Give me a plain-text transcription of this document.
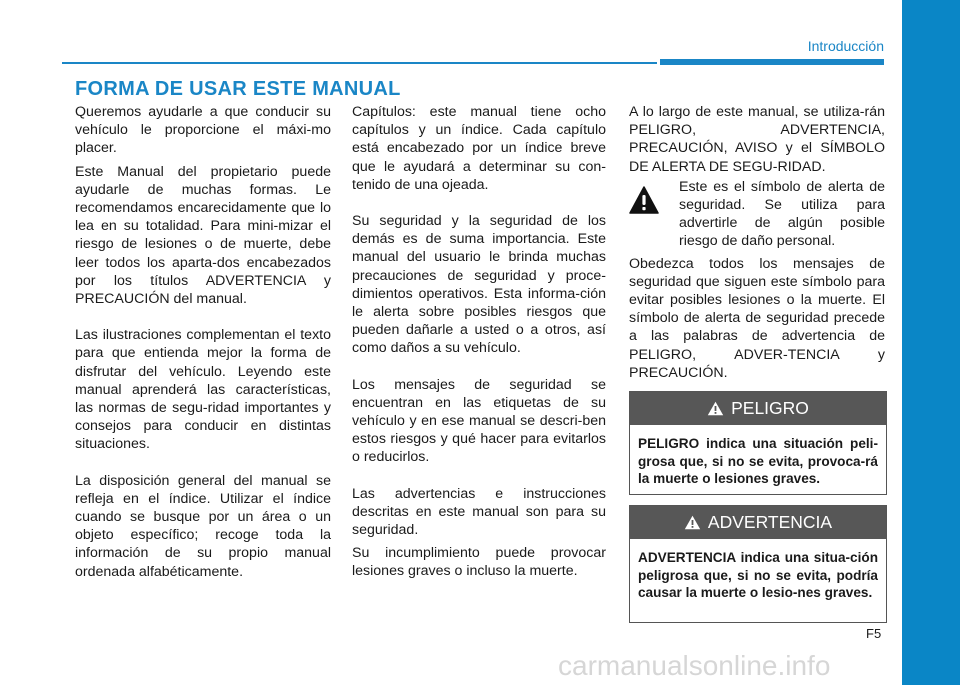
Introducción
FORMA DE USAR ESTE MANUAL

Queremos ayudarle a que conducir su vehículo le proporcione el máxi-mo placer.

Este Manual del propietario puede ayudarle de muchas formas. Le recomendamos encarecidamente que lo lea en su totalidad. Para mini-mizar el riesgo de lesiones o de muerte, debe leer todos los aparta-dos encabezados por los títulos ADVERTENCIA y PRECAUCIÓN del manual.

Las ilustraciones complementan el texto para que entienda mejor la forma de disfrutar del vehículo. Leyendo este manual aprenderá las características, las normas de segu-ridad importantes y consejos para conducir en distintas situaciones.

La disposición general del manual se refleja en el índice. Utilizar el índice cuando se busque por un área o un objeto específico; recoge toda la información de su propio manual ordenada alfabéticamente.

Capítulos: este manual tiene ocho capítulos y un índice. Cada capítulo está encabezado por un índice breve que le ayudará a determinar su con-tenido de una ojeada.

Su seguridad y la seguridad de los demás es de suma importancia. Este manual del usuario le brinda muchas precauciones de seguridad y proce-dimientos operativos. Esta informa-ción le alerta sobre posibles riesgos que pueden dañarle a usted o a otros, así como daños a su vehículo.

Los mensajes de seguridad se encuentran en las etiquetas de su vehículo y en ese manual se descri-ben estos riesgos y qué hacer para evitarlos o reducirlos.

Las advertencias e instrucciones descritas en este manual son para su seguridad.

Su incumplimiento puede provocar lesiones graves o incluso la muerte.

A lo largo de este manual, se utiliza-rán PELIGRO, ADVERTENCIA, PRECAUCIÓN, AVISO y el SÍMBOLO DE ALERTA DE SEGU-RIDAD.

Este es el símbolo de alerta de seguridad. Se utiliza para advertirle de algún posible riesgo de daño personal.

Obedezca todos los mensajes de seguridad que siguen este símbolo para evitar posibles lesiones o la muerte. El símbolo de alerta de seguridad precede a las palabras de advertencia de PELIGRO, ADVER-TENCIA y PRECAUCIÓN.

PELIGRO
PELIGRO indica una situación peli-grosa que, si no se evita, provoca-rá la muerte o lesiones graves.
ADVERTENCIA
ADVERTENCIA indica una situa-ción peligrosa que, si no se evita, podría causar la muerte o lesio-nes graves.
F5
carmanualsonline.info
